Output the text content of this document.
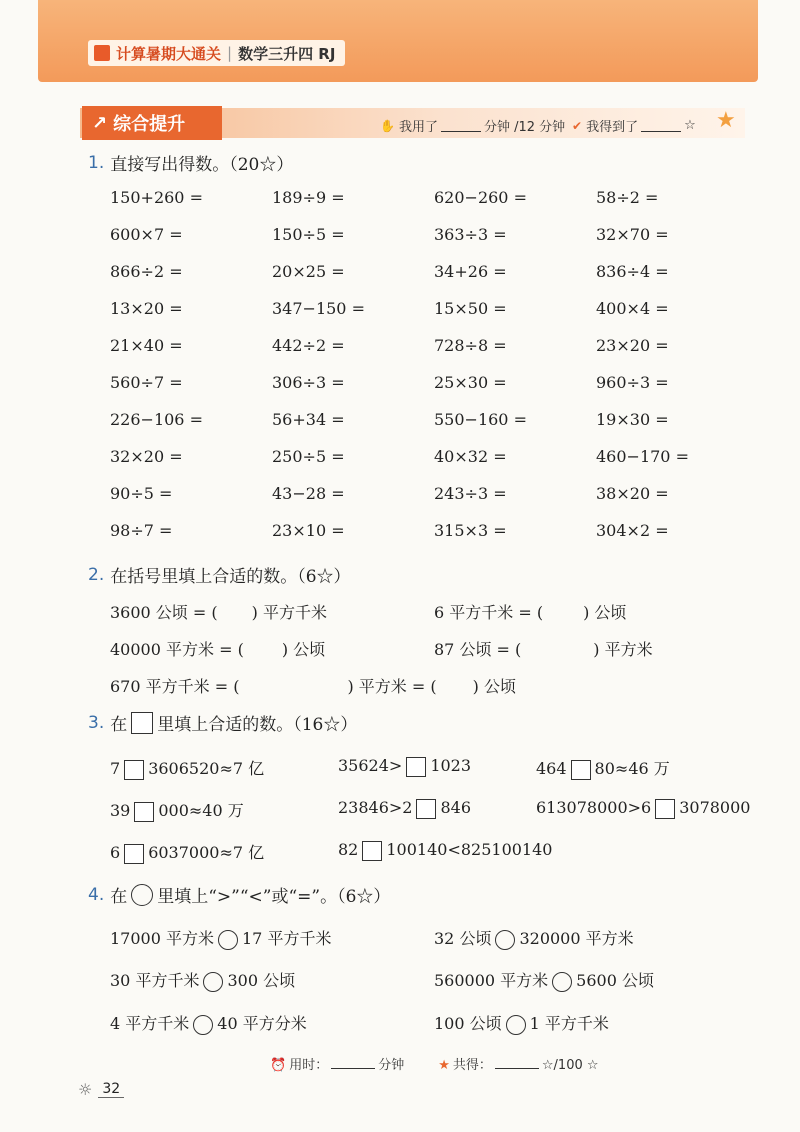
计算暑期大通关 | 数学三升四 RJ
↗ 综合提升	✋ 我用了	分钟 /12 分钟 ✔ 我得到了	☆ ★
1. 直接写出得数。（20☆）
150+260 =	189÷9 =	620−260 =	58÷2 =
600×7 =	150÷5 =	363÷3 =	32×70 =
866÷2 =	20×25 =	34+26 =	836÷4 =
13×20 =	347−150 =	15×50 =	400×4 =
21×40 =	442÷2 =	728÷8 =	23×20 =
560÷7 =	306÷3 =	25×30 =	960÷3 =
226−106 =	56+34 =	550−160 =	19×30 =
32×20 =	250÷5 =	40×32 =	460−170 =
90÷5 =	43−28 =	243÷3 =	38×20 =
98÷7 =	23×10 =	315×3 =	304×2 =
2. 在括号里填上合适的数。（6☆）
3600 公顷 = ( ) 平方千米	6 平方千米 = (	) 公顷
40000 平方米 = ( ) 公顷	87 公顷 = (	) 平方米
670 平方千米 = (	) 平方米 = ( ) 公顷
3. 在 里填上合适的数。（16☆）
7 3606520≈7 亿	35624> 1023	464 80≈46 万
39 000≈40 万	23846>2 846	613078000>6 3078000
6 6037000≈7 亿	82 100140<825100140
4. 在 里填上“>”“<”或“=”。（6☆）
17000 平方米 17 平方千米	32 公顷 320000 平方米
30 平方千米 300 公顷	560000 平方米 5600 公顷
4 平方千米 40 平方分米	100 公顷 1 平方千米
⏰ 用时：	分钟	★ 共得：	☆/100 ☆
☼ 32
